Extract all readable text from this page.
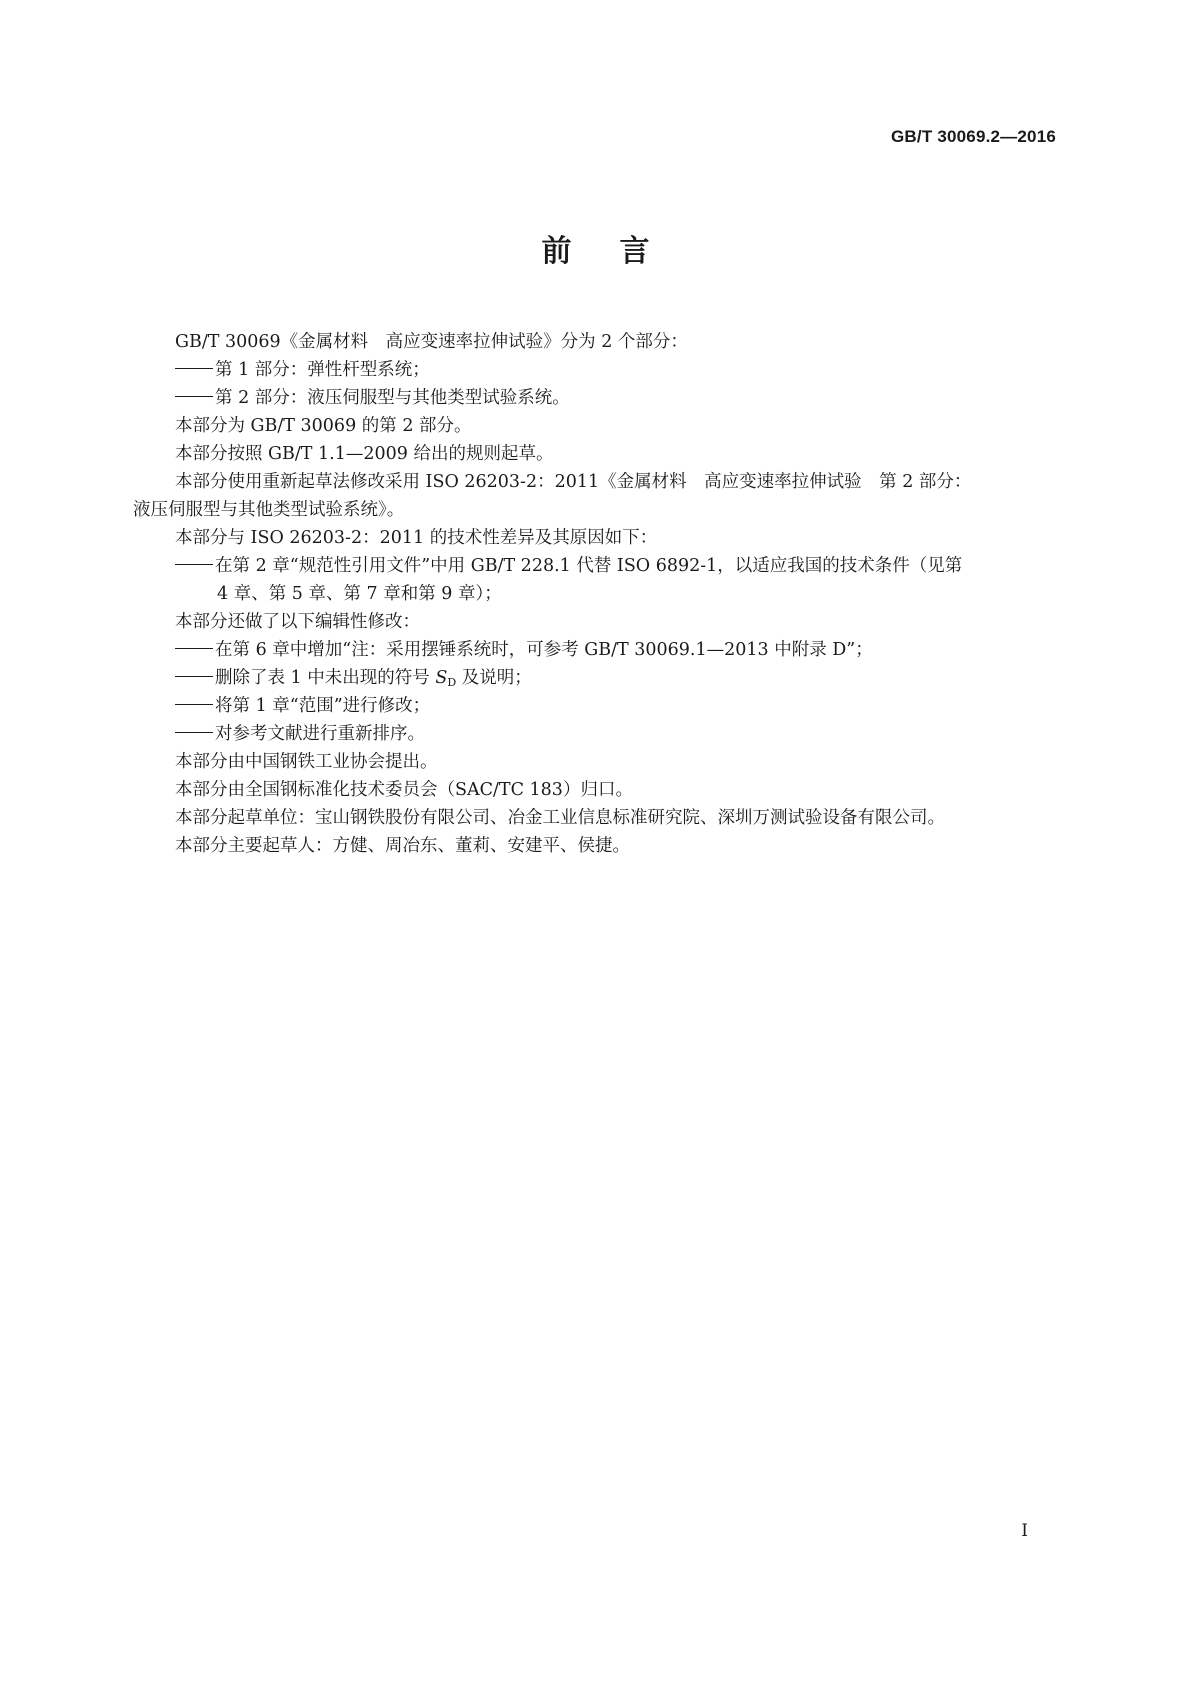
GB/T 30069.2—2016
前言
GB/T 30069《金属材料　高应变速率拉伸试验》分为 2 个部分：
第 1 部分：弹性杆型系统；
第 2 部分：液压伺服型与其他类型试验系统。
本部分为 GB/T 30069 的第 2 部分。
本部分按照 GB/T 1.1—2009 给出的规则起草。
本部分使用重新起草法修改采用 ISO 26203-2：2011《金属材料　高应变速率拉伸试验　第 2 部分：
液压伺服型与其他类型试验系统》。
本部分与 ISO 26203-2：2011 的技术性差异及其原因如下：
在第 2 章“规范性引用文件”中用 GB/T 228.1 代替 ISO 6892-1，以适应我国的技术条件（见第
4 章、第 5 章、第 7 章和第 9 章）；
本部分还做了以下编辑性修改：
在第 6 章中增加“注：采用摆锤系统时，可参考 GB/T 30069.1—2013 中附录 D”；
删除了表 1 中未出现的符号 $S_D$ 及说明；
将第 1 章“范围”进行修改；
对参考文献进行重新排序。
本部分由中国钢铁工业协会提出。
本部分由全国钢标准化技术委员会（SAC/TC 183）归口。
本部分起草单位：宝山钢铁股份有限公司、冶金工业信息标准研究院、深圳万测试验设备有限公司。
本部分主要起草人：方健、周冶东、董莉、安建平、侯捷。
I
